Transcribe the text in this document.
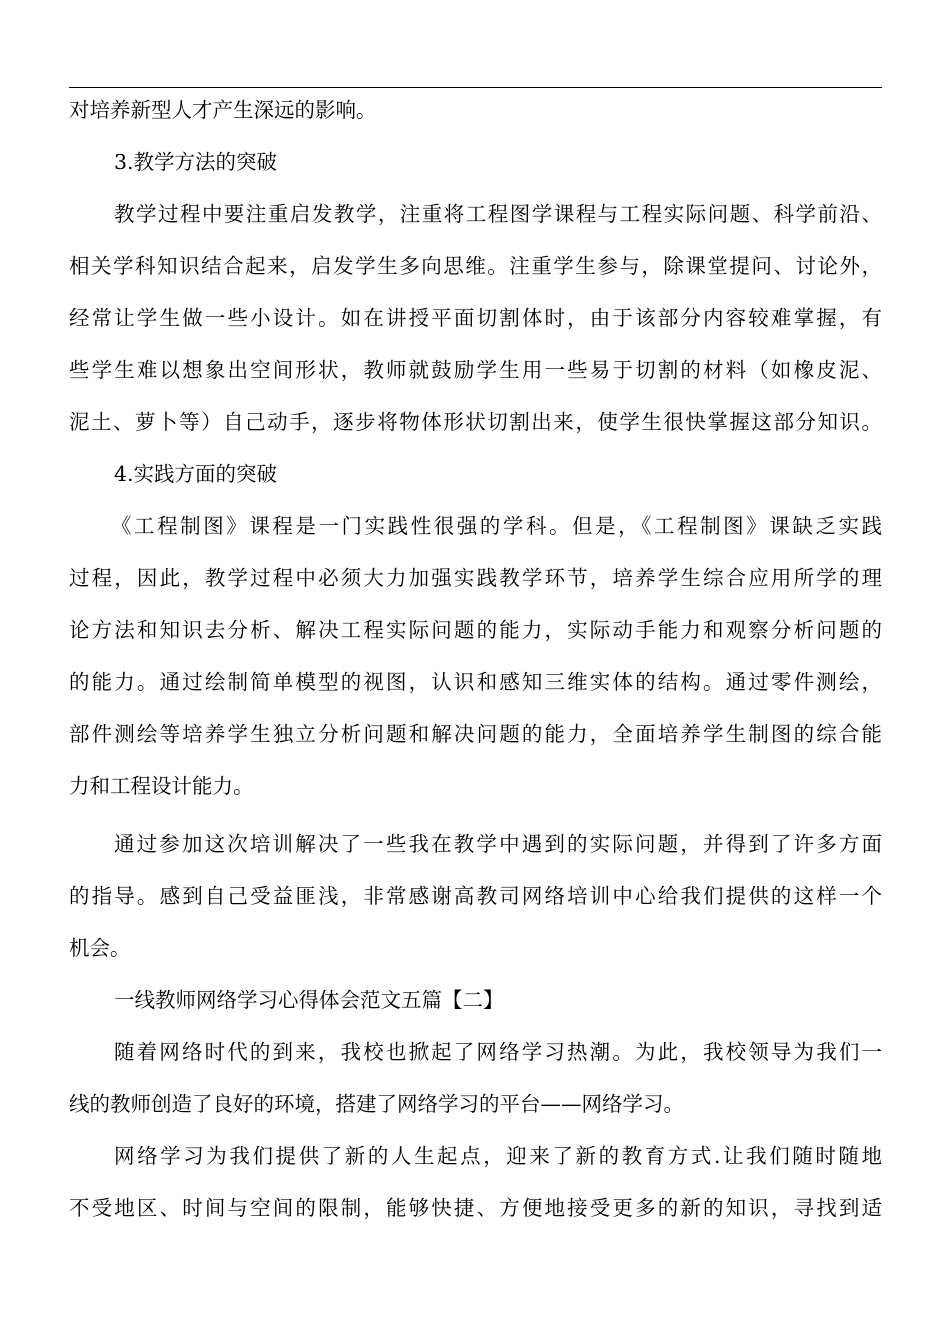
对培养新型人才产生深远的影响。
3.教学方法的突破
教学过程中要注重启发教学，注重将工程图学课程与工程实际问题、科学前沿、
相关学科知识结合起来，启发学生多向思维。注重学生参与，除课堂提问、讨论外，
经常让学生做一些小设计。如在讲授平面切割体时，由于该部分内容较难掌握，有
些学生难以想象出空间形状，教师就鼓励学生用一些易于切割的材料（如橡皮泥、
泥土、萝卜等）自己动手，逐步将物体形状切割出来，使学生很快掌握这部分知识。
4.实践方面的突破
《工程制图》课程是一门实践性很强的学科。但是，《工程制图》课缺乏实践
过程，因此，教学过程中必须大力加强实践教学环节，培养学生综合应用所学的理
论方法和知识去分析、解决工程实际问题的能力，实际动手能力和观察分析问题的
的能力。通过绘制简单模型的视图，认识和感知三维实体的结构。通过零件测绘，
部件测绘等培养学生独立分析问题和解决问题的能力，全面培养学生制图的综合能
力和工程设计能力。
通过参加这次培训解决了一些我在教学中遇到的实际问题，并得到了许多方面
的指导。感到自己受益匪浅，非常感谢高教司网络培训中心给我们提供的这样一个
机会。
一线教师网络学习心得体会范文五篇【二】
随着网络时代的到来，我校也掀起了网络学习热潮。为此，我校领导为我们一
线的教师创造了良好的环境，搭建了网络学习的平台——网络学习。
网络学习为我们提供了新的人生起点，迎来了新的教育方式.让我们随时随地
不受地区、时间与空间的限制，能够快捷、方便地接受更多的新的知识，寻找到适
